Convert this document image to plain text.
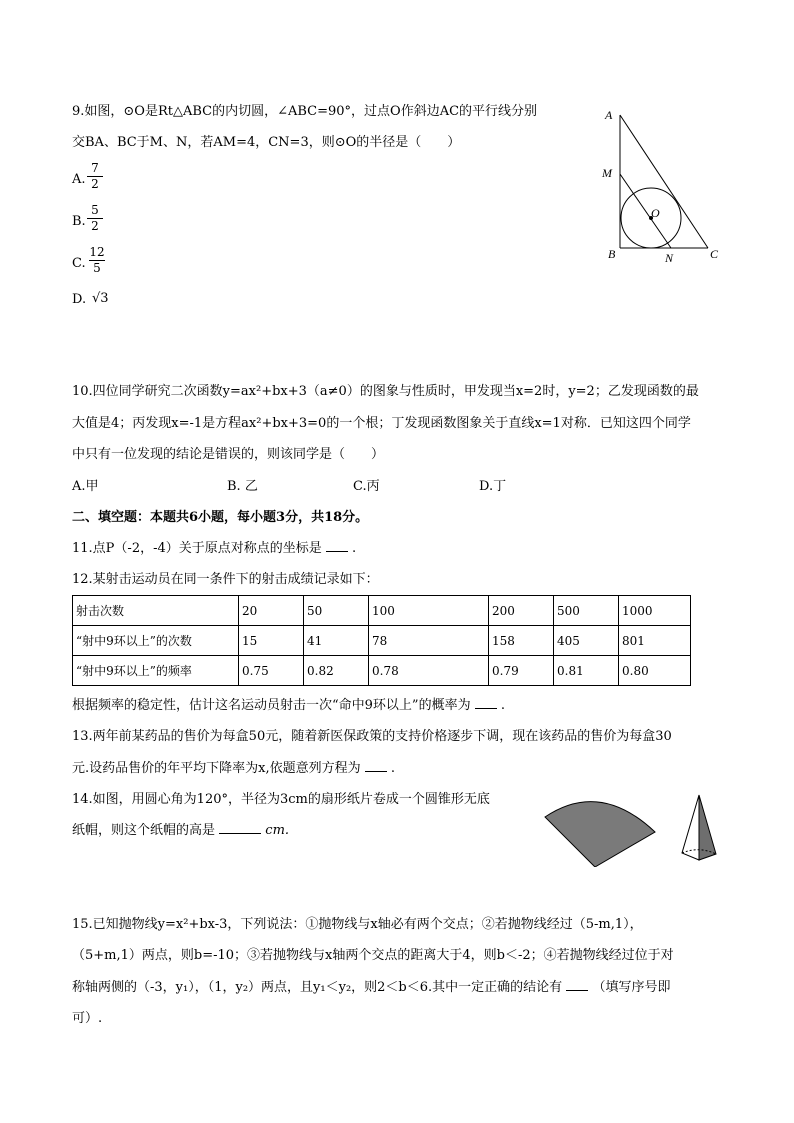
9.如图，⊙O是Rt△ABC的内切圆，∠ABC=90°，过点O作斜边AC的平行线分别
交BA、BC于M、N，若AM=4，CN=3，则⊙O的半径是（　　）
A.
7
2
B.
5
2
C.
12
5
D. √3
A
M
O
B	N	C
10.四位同学研究二次函数y=ax²+bx+3（a≠0）的图象与性质时，甲发现当x=2时，y=2；乙发现函数的最
大值是4；丙发现x=-1是方程ax²+bx+3=0的一个根；丁发现函数图象关于直线x=1对称．已知这四个同学
中只有一位发现的结论是错误的，则该同学是（　　）
A.甲	B. 乙	C.丙	D.丁
二、填空题：本题共6小题，每小题3分，共18分。
11.点P（-2，-4）关于原点对称点的坐标是 .
12.某射击运动员在同一条件下的射击成绩记录如下：
射击次数	20	50	100	200	500	1000
“射中9环以上”的次数	15	41	78	158	405	801
“射中9环以上”的频率	0.75	0.82	0.78	0.79	0.81	0.80
根据频率的稳定性，估计这名运动员射击一次“命中9环以上”的概率为 .
13.两年前某药品的售价为每盒50元，随着新医保政策的支持价格逐步下调，现在该药品的售价为每盒30
元.设药品售价的年平均下降率为x,依题意列方程为 .
14.如图，用圆心角为120°，半径为3cm的扇形纸片卷成一个圆锥形无底
纸帽，则这个纸帽的高是	cm.
15.已知抛物线y=x²+bx-3，下列说法：①抛物线与x轴必有两个交点；②若抛物线经过（5-m,1），
（5+m,1）两点，则b=-10；③若抛物线与x轴两个交点的距离大于4，则b＜-2；④若抛物线经过位于对
称轴两侧的（-3，y₁），（1，y₂）两点，且y₁＜y₂，则2＜b＜6.其中一定正确的结论有 （填写序号即
可）.
